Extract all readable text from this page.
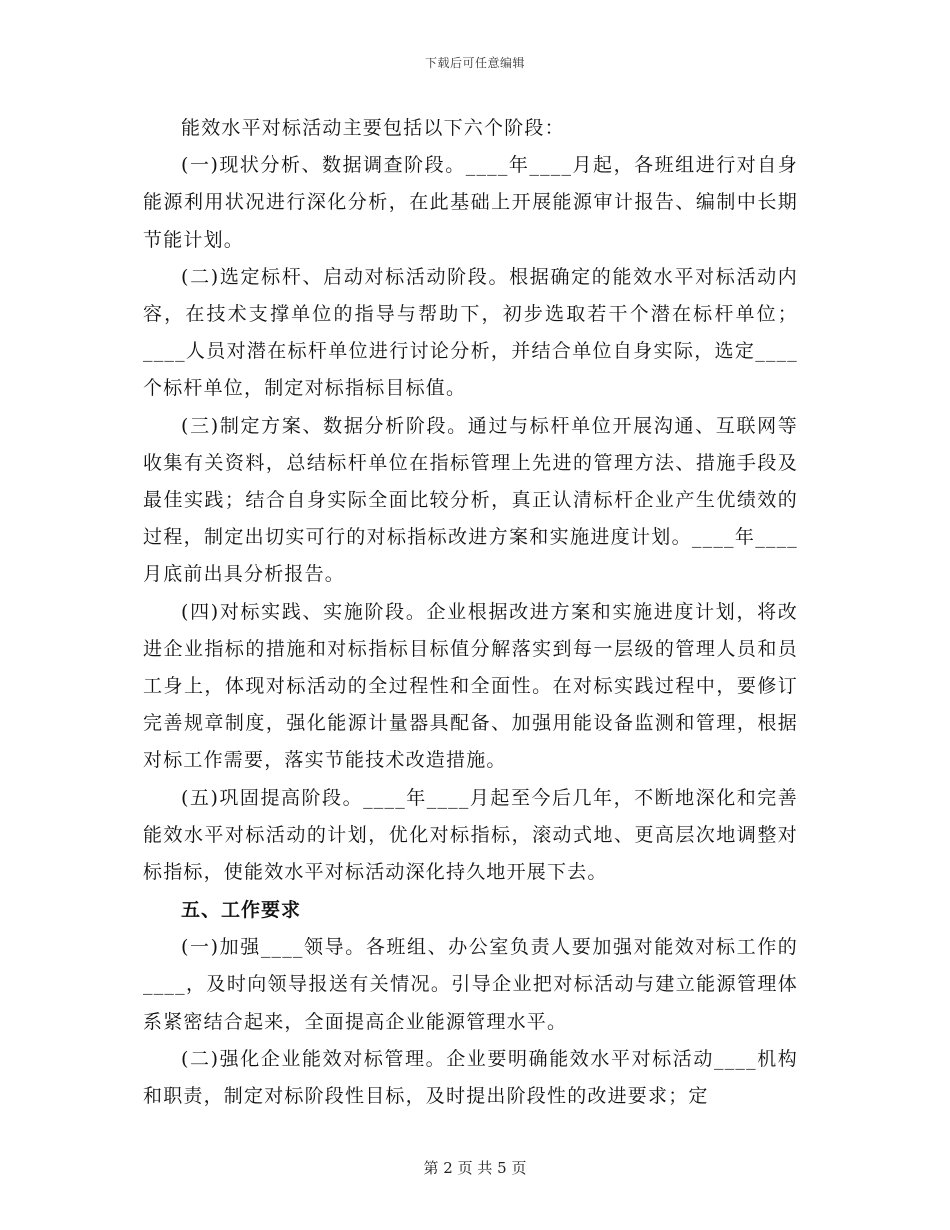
下载后可任意编辑

能效水平对标活动主要包括以下六个阶段：

(一)现状分析、数据调查阶段。____年____月起，各班组进行对自身能源利用状况进行深化分析，在此基础上开展能源审计报告、编制中长期节能计划。

(二)选定标杆、启动对标活动阶段。根据确定的能效水平对标活动内容，在技术支撑单位的指导与帮助下，初步选取若干个潜在标杆单位；____人员对潜在标杆单位进行讨论分析，并结合单位自身实际，选定____个标杆单位，制定对标指标目标值。

(三)制定方案、数据分析阶段。通过与标杆单位开展沟通、互联网等收集有关资料，总结标杆单位在指标管理上先进的管理方法、措施手段及最佳实践；结合自身实际全面比较分析，真正认清标杆企业产生优绩效的过程，制定出切实可行的对标指标改进方案和实施进度计划。____年____月底前出具分析报告。

(四)对标实践、实施阶段。企业根据改进方案和实施进度计划，将改进企业指标的措施和对标指标目标值分解落实到每一层级的管理人员和员工身上，体现对标活动的全过程性和全面性。在对标实践过程中，要修订完善规章制度，强化能源计量器具配备、加强用能设备监测和管理，根据对标工作需要，落实节能技术改造措施。

(五)巩固提高阶段。____年____月起至今后几年，不断地深化和完善能效水平对标活动的计划，优化对标指标，滚动式地、更高层次地调整对标指标，使能效水平对标活动深化持久地开展下去。

五、工作要求

(一)加强____领导。各班组、办公室负责人要加强对能效对标工作的____，及时向领导报送有关情况。引导企业把对标活动与建立能源管理体系紧密结合起来，全面提高企业能源管理水平。

(二)强化企业能效对标管理。企业要明确能效水平对标活动____机构和职责，制定对标阶段性目标，及时提出阶段性的改进要求；定

第 2 页 共 5 页
